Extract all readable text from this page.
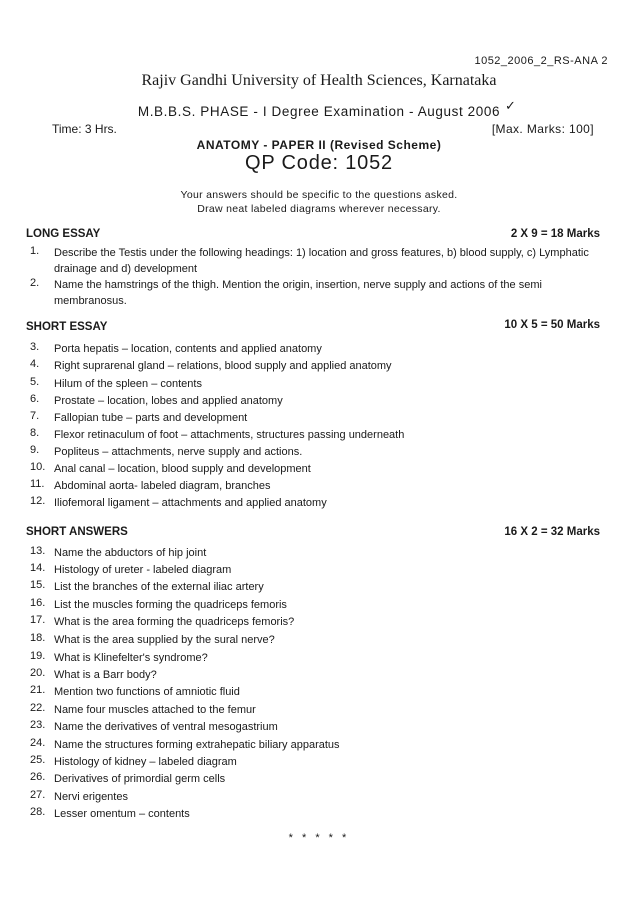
1052_2006_2_RS-ANA 2
Rajiv Gandhi University of Health Sciences, Karnataka
M.B.B.S. PHASE - I Degree Examination - August 2006 ✓
Time: 3 Hrs.	[Max. Marks: 100]
ANATOMY - PAPER II (Revised Scheme)
QP Code: 1052
Your answers should be specific to the questions asked.
Draw neat labeled diagrams wherever necessary.
LONG ESSAY	2 X 9 = 18 Marks
1.	Describe the Testis under the following headings: 1) location and gross features, b) blood supply, c) Lymphatic drainage and d) development
2.	Name the hamstrings of the thigh. Mention the origin, insertion, nerve supply and actions of the semi membranosus.
SHORT ESSAY	10 X 5 = 50 Marks
3.	Porta hepatis – location, contents and applied anatomy
4.	Right suprarenal gland – relations, blood supply and applied anatomy
5.	Hilum of the spleen – contents
6.	Prostate – location, lobes and applied anatomy
7.	Fallopian tube – parts and development
8.	Flexor retinaculum of foot – attachments, structures passing underneath
9.	Popliteus – attachments, nerve supply and actions.
10. Anal canal – location, blood supply and development
11. Abdominal aorta- labeled diagram, branches
12. Iliofemoral ligament – attachments and applied anatomy
SHORT ANSWERS	16 X 2 = 32 Marks
13. Name the abductors of hip joint
14. Histology of ureter - labeled diagram
15. List the branches of the external iliac artery
16. List the muscles forming the quadriceps femoris
17. What is the area forming the quadriceps femoris?
18. What is the area supplied by the sural nerve?
19. What is Klinefelter's syndrome?
20. What is a Barr body?
21. Mention two functions of amniotic fluid
22. Name four muscles attached to the femur
23. Name the derivatives of ventral mesogastrium
24. Name the structures forming extrahepatic biliary apparatus
25. Histology of kidney – labeled diagram
26. Derivatives of primordial germ cells
27. Nervi erigentes
28. Lesser omentum – contents
* * * * *
